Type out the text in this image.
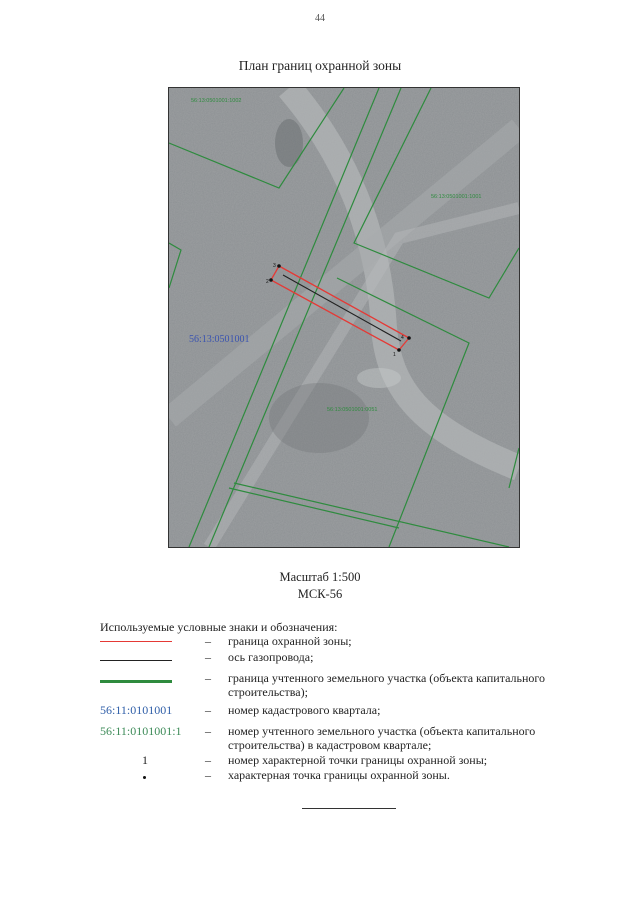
44
План границ охранной зоны
56:13:0501001:1002
56:13:0501001:1001
56:13:0501001:0051
56:13:0501001
3
2
4
1
Масштаб 1:500
МСК-56
Используемые условные знаки и обозначения:
– граница охранной зоны;
– ось газопровода;
– граница учтенного земельного участка (объекта капитального строительства);
56:11:0101001	– номер кадастрового квартала;
56:11:0101001:1 – номер учтенного земельного участка (объекта капитального строительства) в кадастровом квартале;
1	– номер характерной точки границы охранной зоны;
– характерная точка границы охранной зоны.
